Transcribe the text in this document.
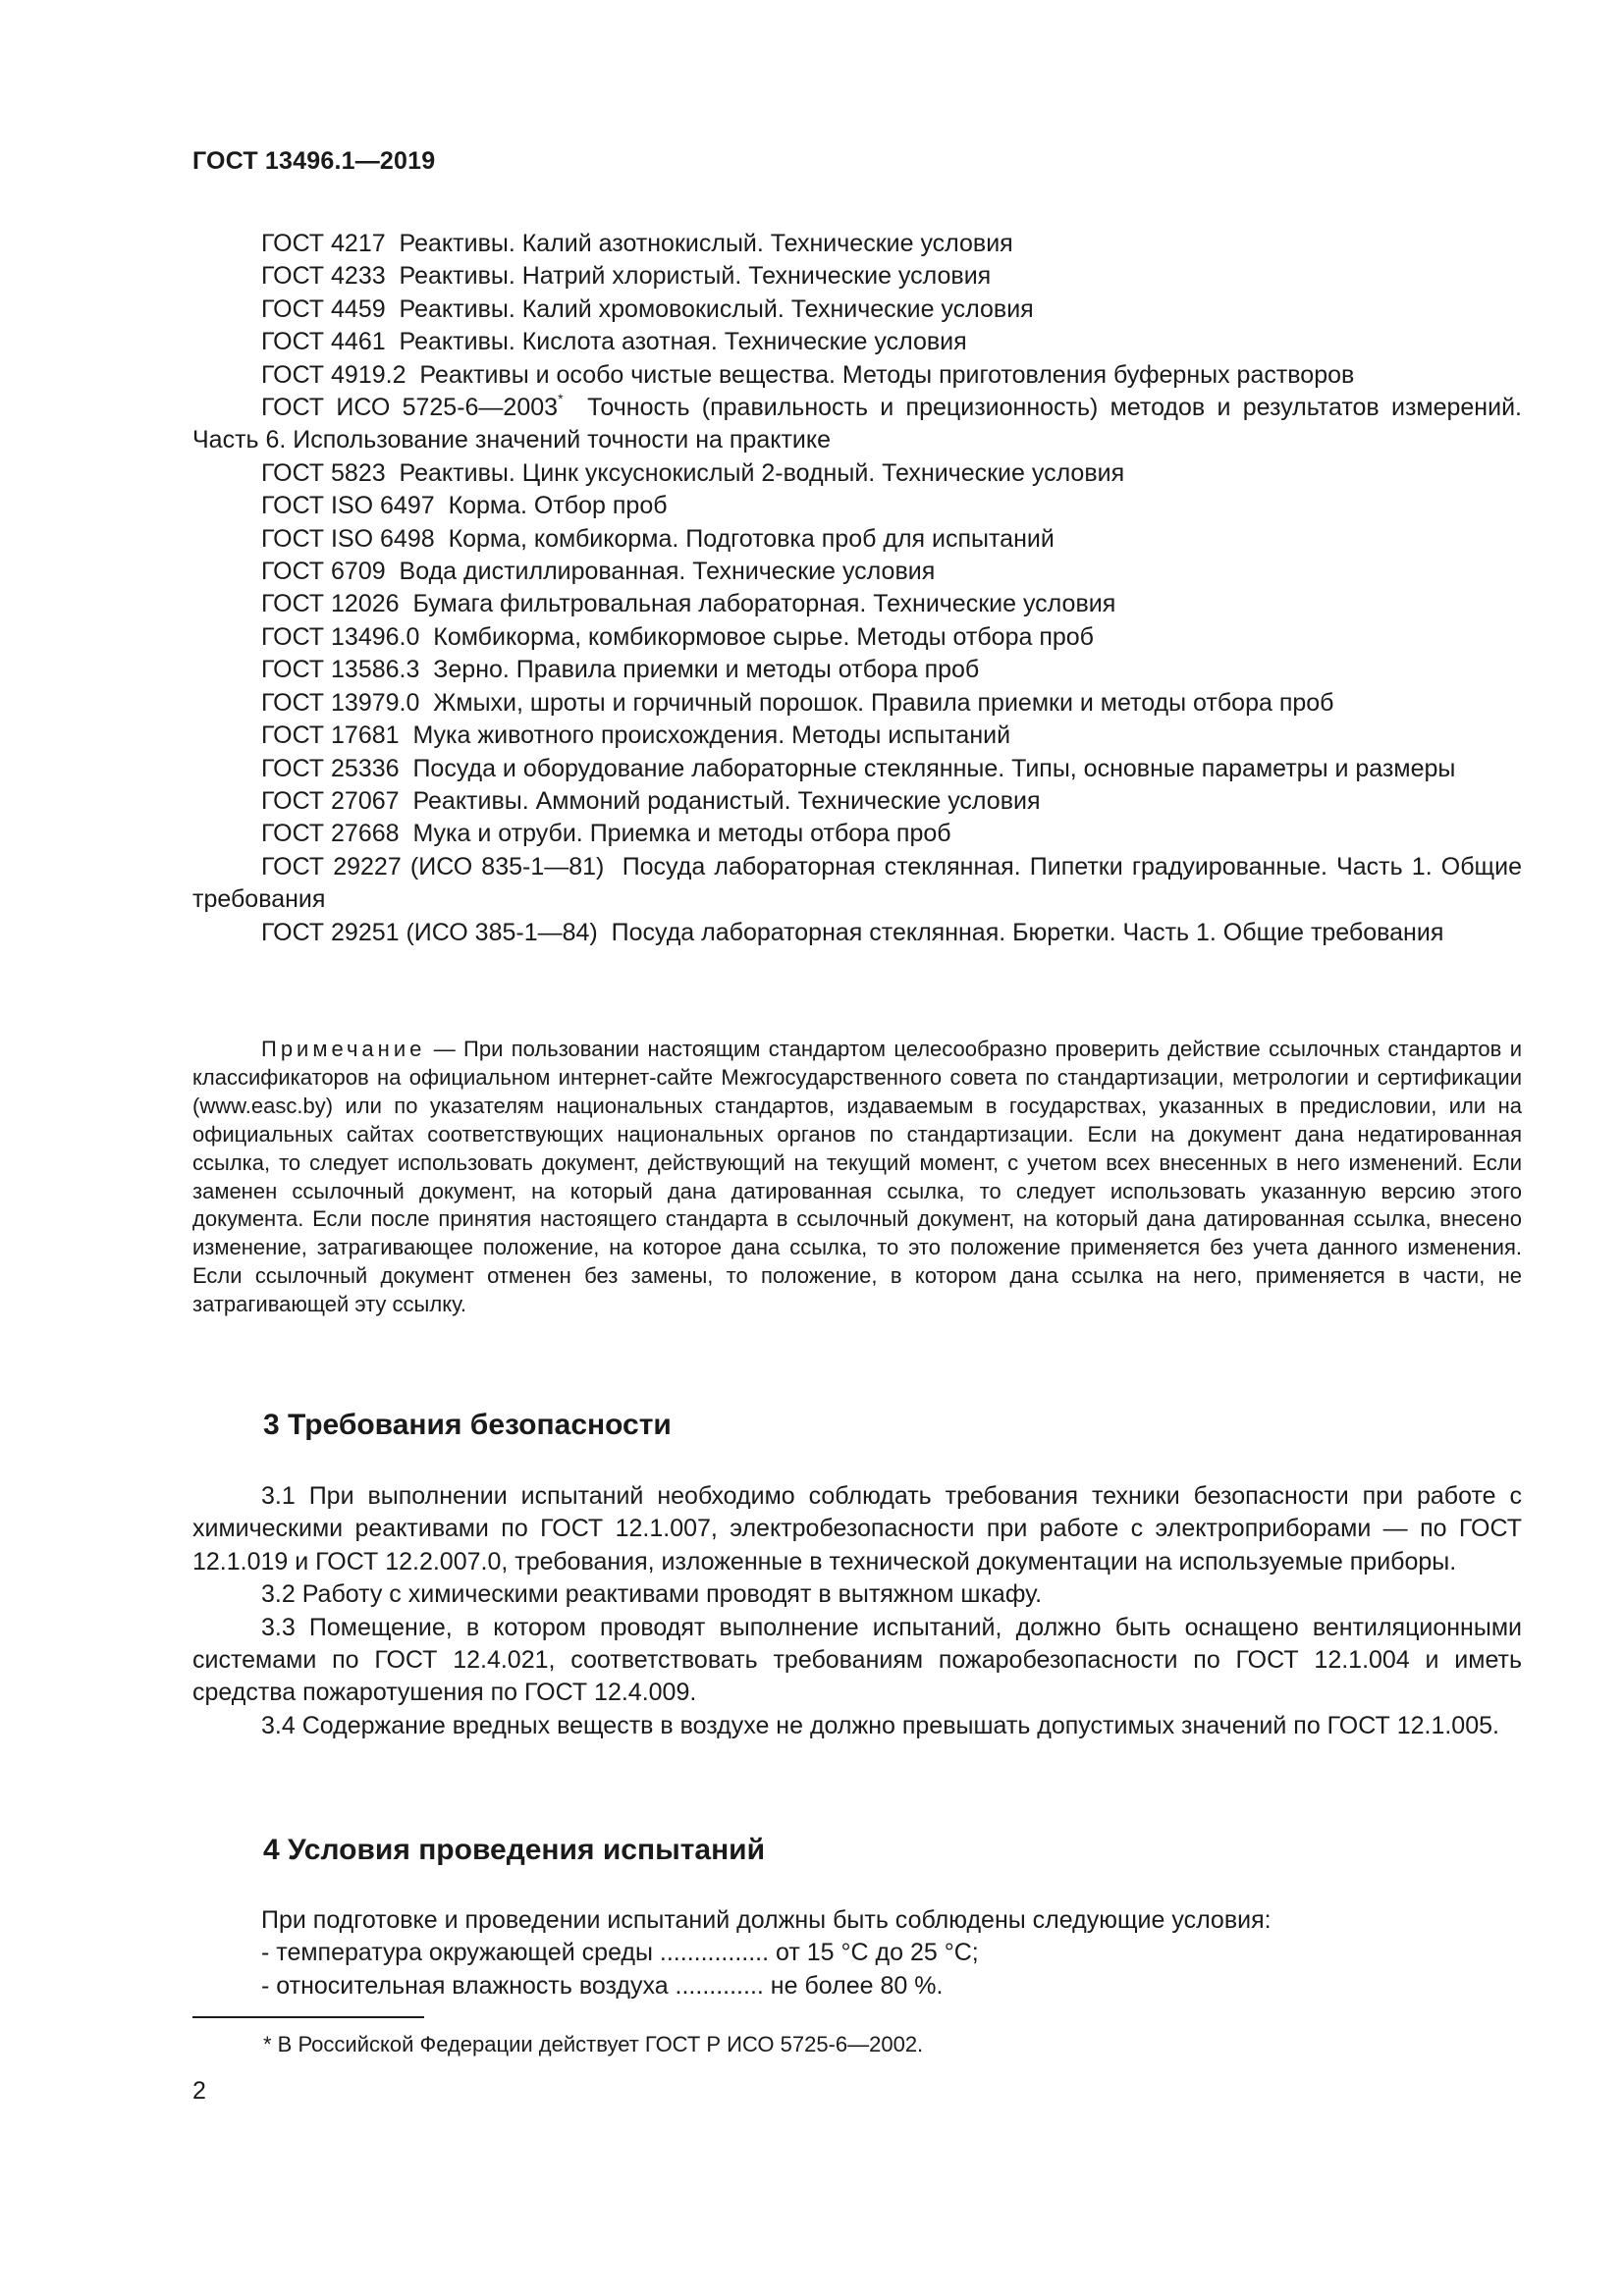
ГОСТ 13496.1—2019

ГОСТ 4217 Реактивы. Калий азотнокислый. Технические условия

ГОСТ 4233 Реактивы. Натрий хлористый. Технические условия

ГОСТ 4459 Реактивы. Калий хромовокислый. Технические условия

ГОСТ 4461 Реактивы. Кислота азотная. Технические условия

ГОСТ 4919.2 Реактивы и особо чистые вещества. Методы приготовления буферных растворов

ГОСТ ИСО 5725-6—2003* Точность (правильность и прецизионность) методов и результатов измерений. Часть 6. Использование значений точности на практике

ГОСТ 5823 Реактивы. Цинк уксуснокислый 2-водный. Технические условия

ГОСТ ISO 6497 Корма. Отбор проб

ГОСТ ISO 6498 Корма, комбикорма. Подготовка проб для испытаний

ГОСТ 6709 Вода дистиллированная. Технические условия

ГОСТ 12026 Бумага фильтровальная лабораторная. Технические условия

ГОСТ 13496.0 Комбикорма, комбикормовое сырье. Методы отбора проб

ГОСТ 13586.3 Зерно. Правила приемки и методы отбора проб

ГОСТ 13979.0 Жмыхи, шроты и горчичный порошок. Правила приемки и методы отбора проб

ГОСТ 17681 Мука животного происхождения. Методы испытаний

ГОСТ 25336 Посуда и оборудование лабораторные стеклянные. Типы, основные параметры и размеры

ГОСТ 27067 Реактивы. Аммоний роданистый. Технические условия

ГОСТ 27668 Мука и отруби. Приемка и методы отбора проб

ГОСТ 29227 (ИСО 835-1—81) Посуда лабораторная стеклянная. Пипетки градуированные. Часть 1. Общие требования

ГОСТ 29251 (ИСО 385-1—84) Посуда лабораторная стеклянная. Бюретки. Часть 1. Общие требования

Примечание — При пользовании настоящим стандартом целесообразно проверить действие ссылочных стандартов и классификаторов на официальном интернет-сайте Межгосударственного совета по стандартизации, метрологии и сертификации (www.easc.by) или по указателям национальных стандартов, издаваемым в государствах, указанных в предисловии, или на официальных сайтах соответствующих национальных органов по стандартизации. Если на документ дана недатированная ссылка, то следует использовать документ, действующий на текущий момент, с учетом всех внесенных в него изменений. Если заменен ссылочный документ, на который дана датированная ссылка, то следует использовать указанную версию этого документа. Если после принятия настоящего стандарта в ссылочный документ, на который дана датированная ссылка, внесено изменение, затрагивающее положение, на которое дана ссылка, то это положение применяется без учета данного изменения. Если ссылочный документ отменен без замены, то положение, в котором дана ссылка на него, применяется в части, не затрагивающей эту ссылку.

3 Требования безопасности

3.1 При выполнении испытаний необходимо соблюдать требования техники безопасности при работе с химическими реактивами по ГОСТ 12.1.007, электробезопасности при работе с электроприборами — по ГОСТ 12.1.019 и ГОСТ 12.2.007.0, требования, изложенные в технической документации на используемые приборы.

3.2 Работу с химическими реактивами проводят в вытяжном шкафу.

3.3 Помещение, в котором проводят выполнение испытаний, должно быть оснащено вентиляционными системами по ГОСТ 12.4.021, соответствовать требованиям пожаробезопасности по ГОСТ 12.1.004 и иметь средства пожаротушения по ГОСТ 12.4.009.

3.4 Содержание вредных веществ в воздухе не должно превышать допустимых значений по ГОСТ 12.1.005.

4 Условия проведения испытаний

При подготовке и проведении испытаний должны быть соблюдены следующие условия:

- температура окружающей среды ................ от 15 °С до 25 °С;

- относительная влажность воздуха ............. не более 80 %.

* В Российской Федерации действует ГОСТ Р ИСО 5725-6—2002.
2
